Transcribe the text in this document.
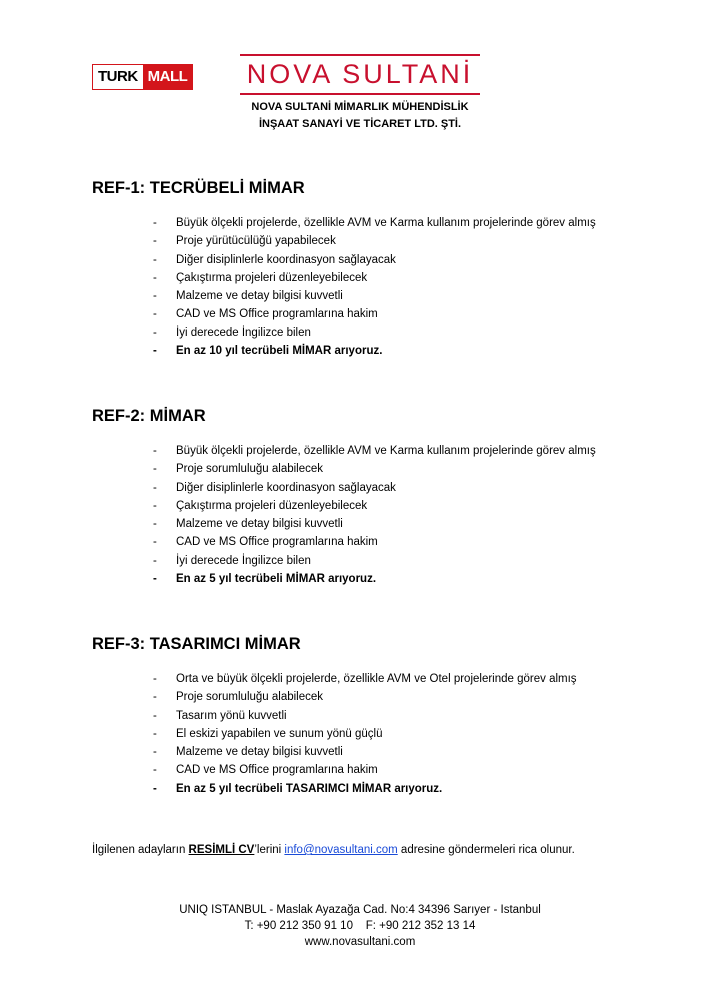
TURK MALL NOVA SULTANİ
NOVA SULTANİ MİMARLIK MÜHENDİSLİK
İNŞAAT SANAYİ VE TİCARET LTD. ŞTİ.
REF-1: TECRÜBELİ MİMAR
- Büyük ölçekli projelerde, özellikle AVM ve Karma kullanım projelerinde görev almış
- Proje yürütücülüğü yapabilecek
- Diğer disiplinlerle koordinasyon sağlayacak
- Çakıştırma projeleri düzenleyebilecek
- Malzeme ve detay bilgisi kuvvetli
- CAD ve MS Office programlarına hakim
- İyi derecede İngilizce bilen
- En az 10 yıl tecrübeli MİMAR arıyoruz.
REF-2: MİMAR
- Büyük ölçekli projelerde, özellikle AVM ve Karma kullanım projelerinde görev almış
- Proje sorumluluğu alabilecek
- Diğer disiplinlerle koordinasyon sağlayacak
- Çakıştırma projeleri düzenleyebilecek
- Malzeme ve detay bilgisi kuvvetli
- CAD ve MS Office programlarına hakim
- İyi derecede İngilizce bilen
- En az 5 yıl tecrübeli MİMAR arıyoruz.
REF-3: TASARIMCI MİMAR
- Orta ve büyük ölçekli projelerde, özellikle AVM ve Otel projelerinde görev almış
- Proje sorumluluğu alabilecek
- Tasarım yönü kuvvetli
- El eskizi yapabilen ve sunum yönü güçlü
- Malzeme ve detay bilgisi kuvvetli
- CAD ve MS Office programlarına hakim
- En az 5 yıl tecrübeli TASARIMCI MİMAR arıyoruz.
İlgilenen adayların RESİMLİ CV’lerini info@novasultani.com adresine göndermeleri rica olunur.
UNIQ ISTANBUL - Maslak Ayazağa Cad. No:4 34396 Sarıyer - Istanbul
T: +90 212 350 91 10    F: +90 212 352 13 14
www.novasultani.com
